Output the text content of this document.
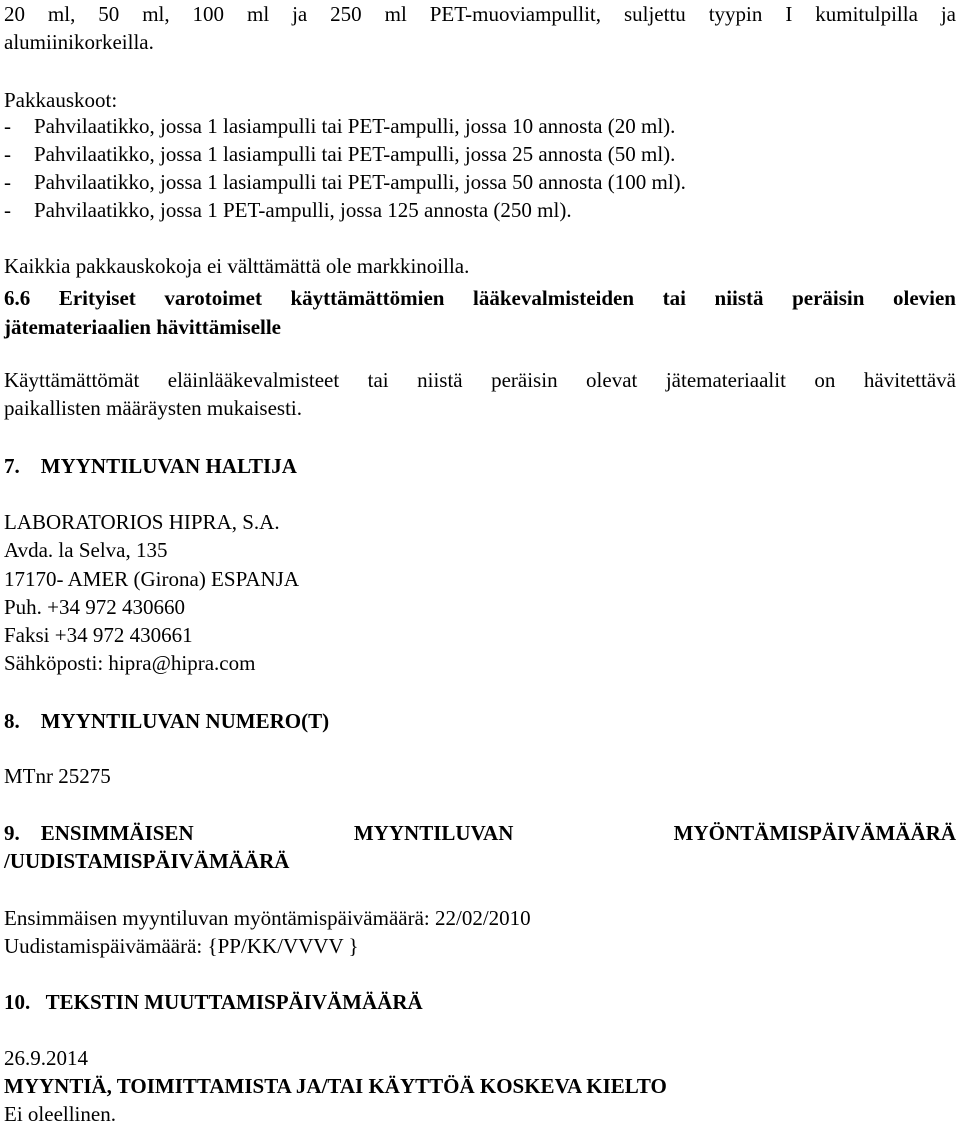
20 ml, 50 ml, 100 ml ja 250 ml PET-muoviampullit, suljettu tyypin I kumitulpilla ja
alumiinikorkeilla.
Pakkauskoot:
- Pahvilaatikko, jossa 1 lasiampulli tai PET-ampulli, jossa 10 annosta (20 ml).
- Pahvilaatikko, jossa 1 lasiampulli tai PET-ampulli, jossa 25 annosta (50 ml).
- Pahvilaatikko, jossa 1 lasiampulli tai PET-ampulli, jossa 50 annosta (100 ml).
- Pahvilaatikko, jossa 1 PET-ampulli, jossa 125 annosta (250 ml).
Kaikkia pakkauskokoja ei välttämättä ole markkinoilla.
6.6 Erityiset varotoimet käyttämättömien lääkevalmisteiden tai niistä peräisin olevien
jätemateriaalien hävittämiselle
Käyttämättömät eläinlääkevalmisteet tai niistä peräisin olevat jätemateriaalit on hävitettävä
paikallisten määräysten mukaisesti.
7.    MYYNTILUVAN HALTIJA
LABORATORIOS HIPRA, S.A.
Avda. la Selva, 135
17170- AMER (Girona) ESPANJA
Puh. +34 972 430660
Faksi +34 972 430661
Sähköposti: hipra@hipra.com
8.    MYYNTILUVAN NUMERO(T)
MTnr 25275
9.    ENSIMMÄISEN	MYYNTILUVAN	MYÖNTÄMISPÄIVÄMÄÄRÄ
/UUDISTAMISPÄIVÄMÄÄRÄ
Ensimmäisen myyntiluvan myöntämispäivämäärä: 22/02/2010
Uudistamispäivämäärä: {PP/KK/VVVV }
10.   TEKSTIN MUUTTAMISPÄIVÄMÄÄRÄ
26.9.2014
MYYNTIÄ, TOIMITTAMISTA JA/TAI KÄYTTÖÄ KOSKEVA KIELTO
Ei oleellinen.
